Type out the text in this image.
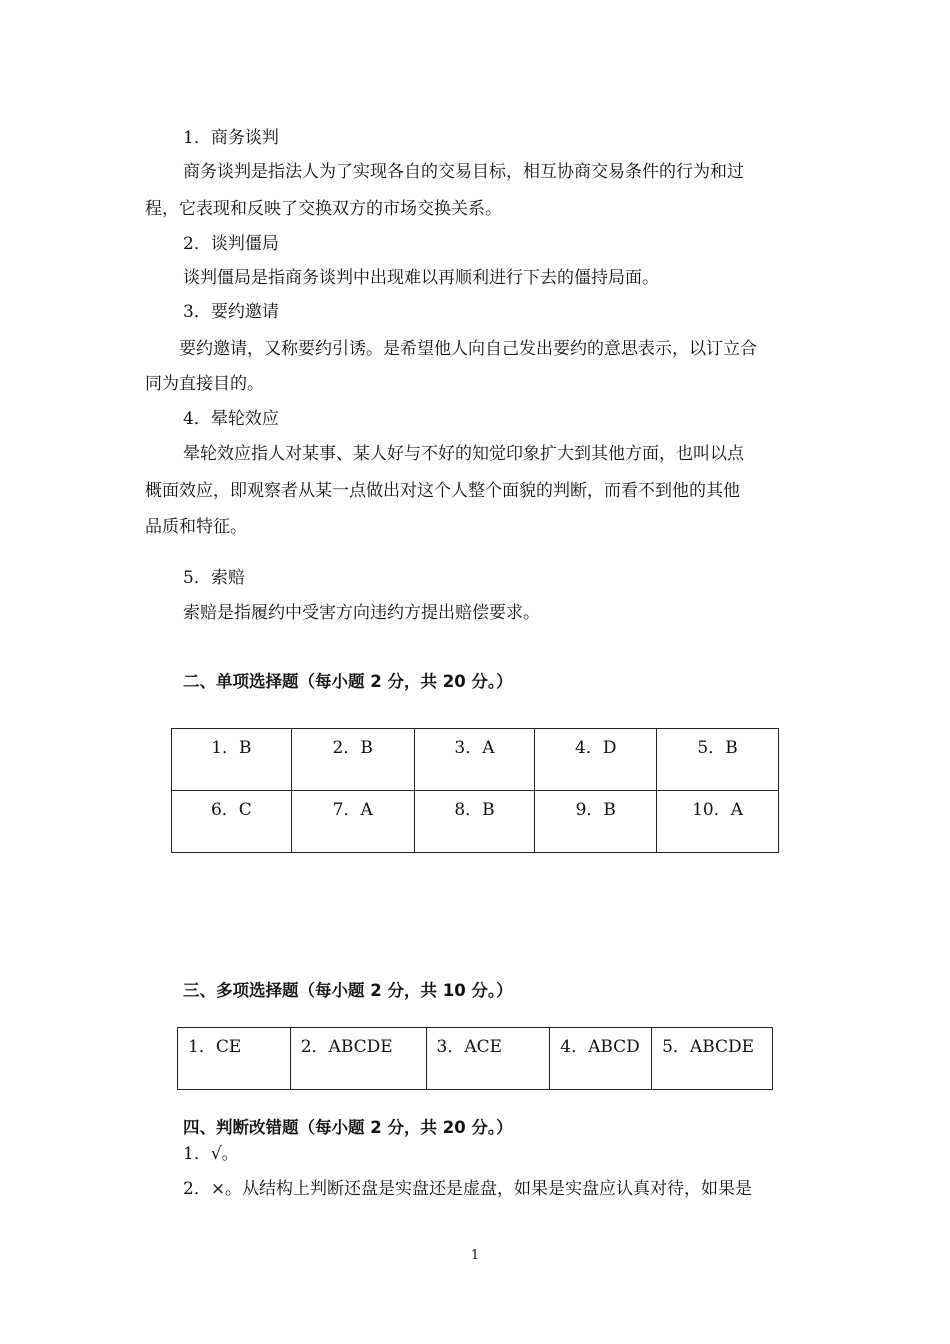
1．商务谈判
商务谈判是指法人为了实现各自的交易目标，相互协商交易条件的行为和过
程，它表现和反映了交换双方的市场交换关系。
2．谈判僵局
谈判僵局是指商务谈判中出现难以再顺利进行下去的僵持局面。
3．要约邀请
要约邀请，又称要约引诱。是希望他人向自己发出要约的意思表示，以订立合
同为直接目的。
4．晕轮效应
晕轮效应指人对某事、某人好与不好的知觉印象扩大到其他方面，也叫以点
概面效应，即观察者从某一点做出对这个人整个面貌的判断，而看不到他的其他
品质和特征。
5．索赔
索赔是指履约中受害方向违约方提出赔偿要求。
二、单项选择题（每小题 2 分，共 20 分。）
1．B	2．B	3．A	4．D	5．B
6．C	7．A	8．B	9．B	10．A
三、多项选择题（每小题 2 分，共 10 分。）
1．CE	2．ABCDE	3．ACE	4．ABCD	5．ABCDE
四、判断改错题（每小题 2 分，共 20 分。）
1．√。
2．×。从结构上判断还盘是实盘还是虚盘，如果是实盘应认真对待，如果是
1
